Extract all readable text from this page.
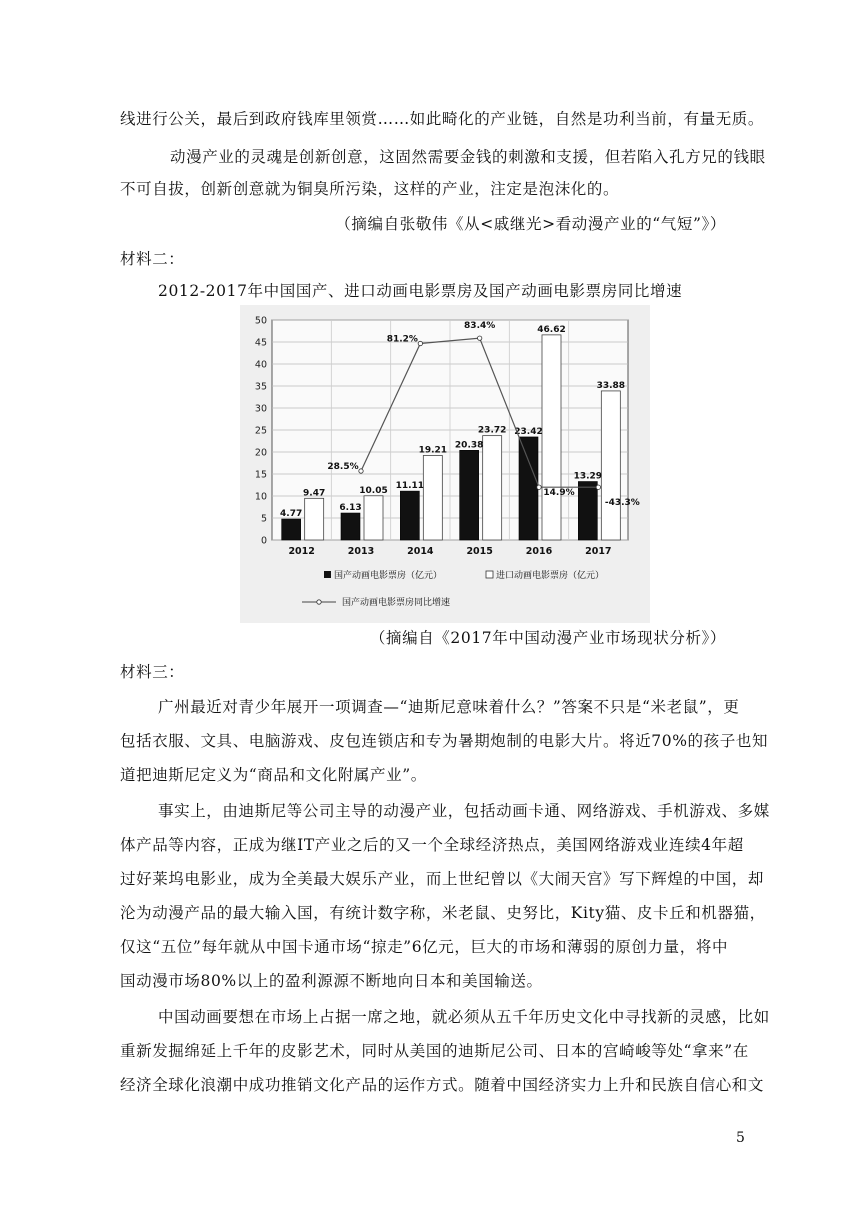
线进行公关，最后到政府钱库里领赏……如此畸化的产业链，自然是功利当前，有量无质。
动漫产业的灵魂是创新创意，这固然需要金钱的刺激和支援，但若陷入孔方兄的钱眼
不可自拔，创新创意就为铜臭所污染，这样的产业，注定是泡沫化的。
（摘编自张敬伟《从<戚继光>看动漫产业的“气短”》）
材料二：
2012-2017年中国国产、进口动画电影票房及国产动画电影票房同比增速
0
5
10
15
20
25
30
35
40
45
50
4.77
9.47
2012
6.13
10.05
2013
11.11
19.21
2014
20.38
23.72
2015
23.42
46.62
2016
13.29
33.88
2017
28.5%
81.2%
83.4%
14.9%
-43.3%
国产动画电影票房（亿元）	进口动画电影票房（亿元）
国产动画电影票房同比增速
（摘编自《2017年中国动漫产业市场现状分析》）
材料三：
广州最近对青少年展开一项调查—“迪斯尼意味着什么？”答案不只是“米老鼠”，更
包括衣服、文具、电脑游戏、皮包连锁店和专为暑期炮制的电影大片。将近70%的孩子也知
道把迪斯尼定义为“商品和文化附属产业”。
事实上，由迪斯尼等公司主导的动漫产业，包括动画卡通、网络游戏、手机游戏、多媒
体产品等内容，正成为继IT产业之后的又一个全球经济热点，美国网络游戏业连续4年超
过好莱坞电影业，成为全美最大娱乐产业，而上世纪曾以《大闹天宫》写下辉煌的中国，却
沦为动漫产品的最大输入国，有统计数字称，米老鼠、史努比，Kity猫、皮卡丘和机器猫，
仅这“五位”每年就从中国卡通市场“掠走”6亿元，巨大的市场和薄弱的原创力量，将中
国动漫市场80%以上的盈利源源不断地向日本和美国输送。
中国动画要想在市场上占据一席之地，就必须从五千年历史文化中寻找新的灵感，比如
重新发掘绵延上千年的皮影艺术，同时从美国的迪斯尼公司、日本的宫崎峻等处“拿来”在
经济全球化浪潮中成功推销文化产品的运作方式。随着中国经济实力上升和民族自信心和文
5
